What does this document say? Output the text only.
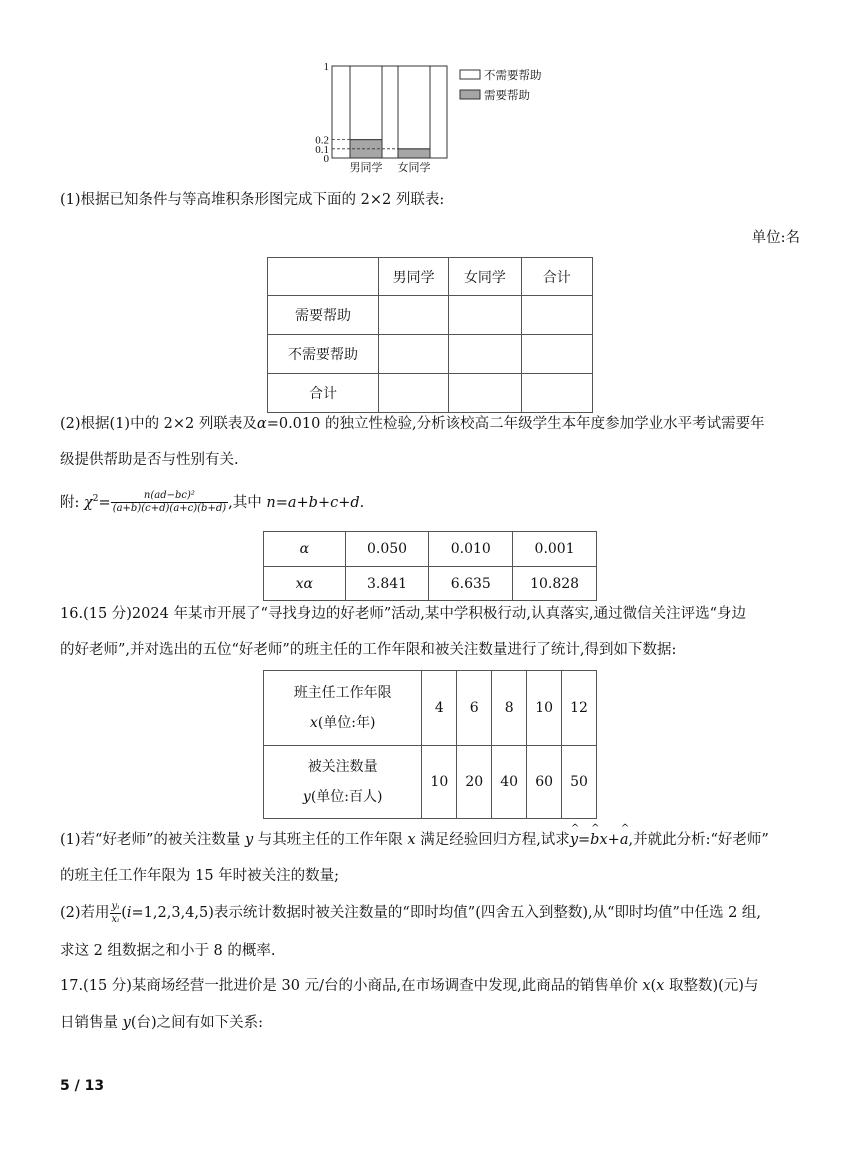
男同学 女同学
1
0.2
0.1
0
不需要帮助
需要帮助
(1)根据已知条件与等高堆积条形图完成下面的 2×2 列联表:
单位:名
	男同学	女同学	合计
需要帮助			
不需要帮助			
合计			
(2)根据(1)中的 2×2 列联表及α=0.010 的独立性检验,分析该校高二年级学生本年度参加学业水平考试需要年
级提供帮助是否与性别有关.
附: $\chi^2= \frac{\text{n(ad−bc)²}}{(a+b)(c+d)(a+c)(b+d)}$ ,其中 n=a+b+c+d.
α	0.050	0.010	0.001
xα	3.841	6.635	10.828
16.(15 分)2024 年某市开展了“寻找身边的好老师”活动,某中学积极行动,认真落实,通过微信关注评选“身边
的好老师”,并对选出的五位“好老师”的班主任的工作年限和被关注数量进行了统计,得到如下数据:
班主任工作年限
x(单位:年)	4	6	8	10	12
被关注数量
y(单位:百人)	10	20	40	60	50
(1)若“好老师”的被关注数量 y 与其班主任的工作年限 x 满足经验回归方程,试求^ y=^ bx+^ a,并就此分析:“好老师”
的班主任工作年限为 15 年时被关注的数量;
(2)若用 $\frac{\text{yᵢ}}{\text{xᵢ}} (i=1,2,3,4,5)$表示统计数据时被关注数量的“即时均值”(四舍五入到整数),从“即时均值”中任选 2 组,
求这 2 组数据之和小于 8 的概率.
17.(15 分)某商场经营一批进价是 30 元/台的小商品,在市场调查中发现,此商品的销售单价 x(x 取整数)(元)与
日销售量 y(台)之间有如下关系:
5 / 13
